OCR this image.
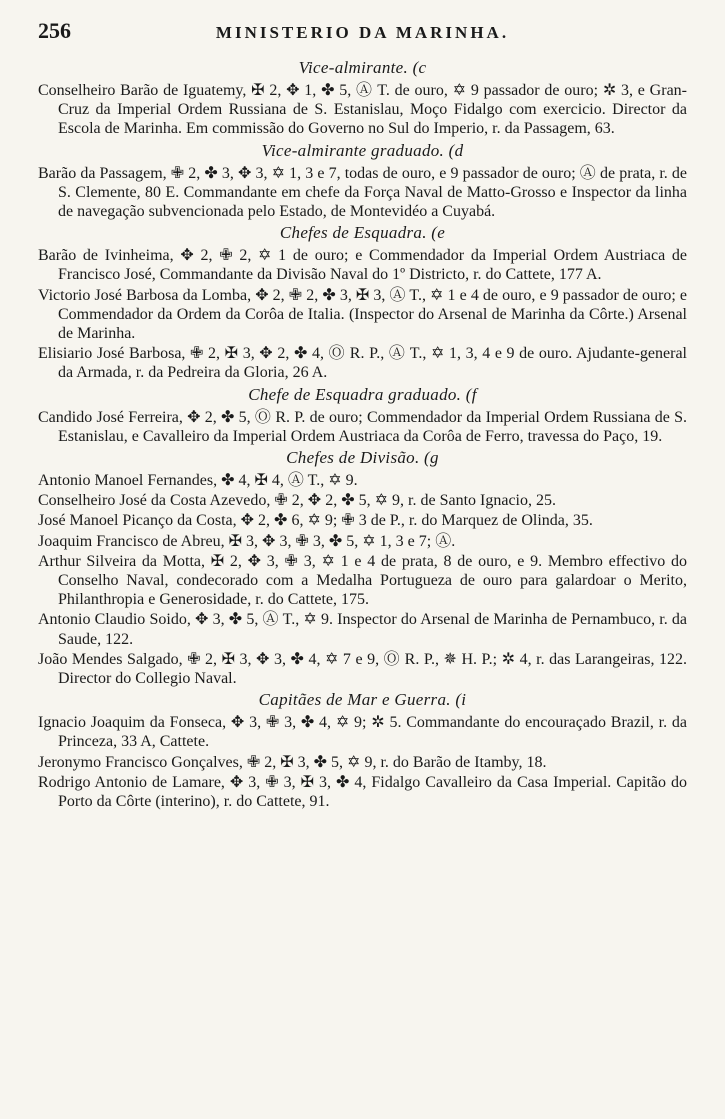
256	MINISTERIO DA MARINHA.
Vice-almirante. (c

Conselheiro Barão de Iguatemy, ✠ 2, ✥ 1, ✤ 5, Ⓐ T. de ouro, ✡ 9 passador de ouro; ✲ 3, e Gran-Cruz da Imperial Ordem Russiana de S. Estanislau, Moço Fidalgo com exercicio. Director da Escola de Marinha. Em commissão do Governo no Sul do Imperio, r. da Passagem, 63.

Vice-almirante graduado. (d

Barão da Passagem, ✙ 2, ✤ 3, ✥ 3, ✡ 1, 3 e 7, todas de ouro, e 9 passador de ouro; Ⓐ de prata, r. de S. Clemente, 80 E. Commandante em chefe da Força Naval de Matto-Grosso e Inspector da linha de navegação subvencionada pelo Estado, de Montevidéo a Cuyabá.

Chefes de Esquadra. (e

Barão de Ivinheima, ✥ 2, ✙ 2, ✡ 1 de ouro; e Commendador da Imperial Ordem Austriaca de Francisco José, Commandante da Divisão Naval do 1º Districto, r. do Cattete, 177 A.

Victorio José Barbosa da Lomba, ✥ 2, ✙ 2, ✤ 3, ✠ 3, Ⓐ T., ✡ 1 e 4 de ouro, e 9 passador de ouro; e Commendador da Ordem da Corôa de Italia. (Inspector do Arsenal de Marinha da Côrte.) Arsenal de Marinha.

Elisiario José Barbosa, ✙ 2, ✠ 3, ✥ 2, ✤ 4, Ⓞ R. P., Ⓐ T., ✡ 1, 3, 4 e 9 de ouro. Ajudante-general da Armada, r. da Pedreira da Gloria, 26 A.

Chefe de Esquadra graduado. (f

Candido José Ferreira, ✥ 2, ✤ 5, Ⓞ R. P. de ouro; Commendador da Imperial Ordem Russiana de S. Estanislau, e Cavalleiro da Imperial Ordem Austriaca da Corôa de Ferro, travessa do Paço, 19.

Chefes de Divisão. (g

Antonio Manoel Fernandes, ✤ 4, ✠ 4, Ⓐ T., ✡ 9.

Conselheiro José da Costa Azevedo, ✙ 2, ✥ 2, ✤ 5, ✡ 9, r. de Santo Ignacio, 25.

José Manoel Picanço da Costa, ✥ 2, ✤ 6, ✡ 9; ✙ 3 de P., r. do Marquez de Olinda, 35.

Joaquim Francisco de Abreu, ✠ 3, ✥ 3, ✙ 3, ✤ 5, ✡ 1, 3 e 7; Ⓐ.

Arthur Silveira da Motta, ✠ 2, ✥ 3, ✙ 3, ✡ 1 e 4 de prata, 8 de ouro, e 9. Membro effectivo do Conselho Naval, condecorado com a Medalha Portugueza de ouro para galardoar o Merito, Philanthropia e Generosidade, r. do Cattete, 175.

Antonio Claudio Soido, ✥ 3, ✤ 5, Ⓐ T., ✡ 9. Inspector do Arsenal de Marinha de Pernambuco, r. da Saude, 122.

João Mendes Salgado, ✙ 2, ✠ 3, ✥ 3, ✤ 4, ✡ 7 e 9, Ⓞ R. P., ✵ H. P.; ✲ 4, r. das Larangeiras, 122. Director do Collegio Naval.

Capitães de Mar e Guerra. (i

Ignacio Joaquim da Fonseca, ✥ 3, ✙ 3, ✤ 4, ✡ 9; ✲ 5. Commandante do encouraçado Brazil, r. da Princeza, 33 A, Cattete.

Jeronymo Francisco Gonçalves, ✙ 2, ✠ 3, ✤ 5, ✡ 9, r. do Barão de Itamby, 18.

Rodrigo Antonio de Lamare, ✥ 3, ✙ 3, ✠ 3, ✤ 4, Fidalgo Cavalleiro da Casa Imperial. Capitão do Porto da Côrte (interino), r. do Cattete, 91.
